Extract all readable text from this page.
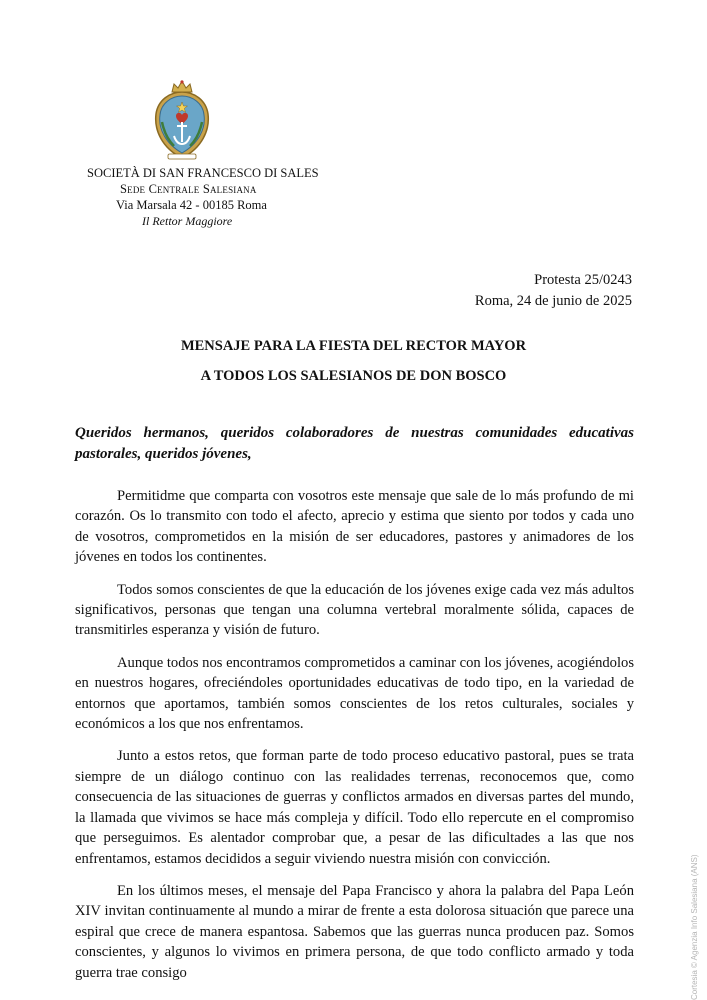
SOCIETÀ DI SAN FRANCESCO DI SALES
Sede Centrale Salesiana
Via Marsala 42 - 00185 Roma
Il Rettor Maggiore
Protesta 25/0243
Roma, 24 de junio de 2025
MENSAJE PARA LA FIESTA DEL RECTOR MAYOR
A TODOS LOS SALESIANOS DE DON BOSCO
Queridos hermanos, queridos colaboradores de nuestras comunidades educativas pastorales, queridos jóvenes,

Permitidme que comparta con vosotros este mensaje que sale de lo más profundo de mi corazón. Os lo transmito con todo el afecto, aprecio y estima que siento por todos y cada uno de vosotros, comprometidos en la misión de ser educadores, pastores y animadores de los jóvenes en todos los continentes.

Todos somos conscientes de que la educación de los jóvenes exige cada vez más adultos significativos, personas que tengan una columna vertebral moralmente sólida, capaces de transmitirles esperanza y visión de futuro.

Aunque todos nos encontramos comprometidos a caminar con los jóvenes, acogiéndolos en nuestros hogares, ofreciéndoles oportunidades educativas de todo tipo, en la variedad de entornos que aportamos, también somos conscientes de los retos culturales, sociales y económicos a los que nos enfrentamos.

Junto a estos retos, que forman parte de todo proceso educativo pastoral, pues se trata siempre de un diálogo continuo con las realidades terrenas, reconocemos que, como consecuencia de las situaciones de guerras y conflictos armados en diversas partes del mundo, la llamada que vivimos se hace más compleja y difícil. Todo ello repercute en el compromiso que perseguimos. Es alentador comprobar que, a pesar de las dificultades a las que nos enfrentamos, estamos decididos a seguir viviendo nuestra misión con convicción.

En los últimos meses, el mensaje del Papa Francisco y ahora la palabra del Papa León XIV invitan continuamente al mundo a mirar de frente a esta dolorosa situación que parece una espiral que crece de manera espantosa. Sabemos que las guerras nunca producen paz. Somos conscientes, y algunos lo vivimos en primera persona, de que todo conflicto armado y toda guerra trae consigo	Cortesia © Agenzia Info Salesiana (ANS)
